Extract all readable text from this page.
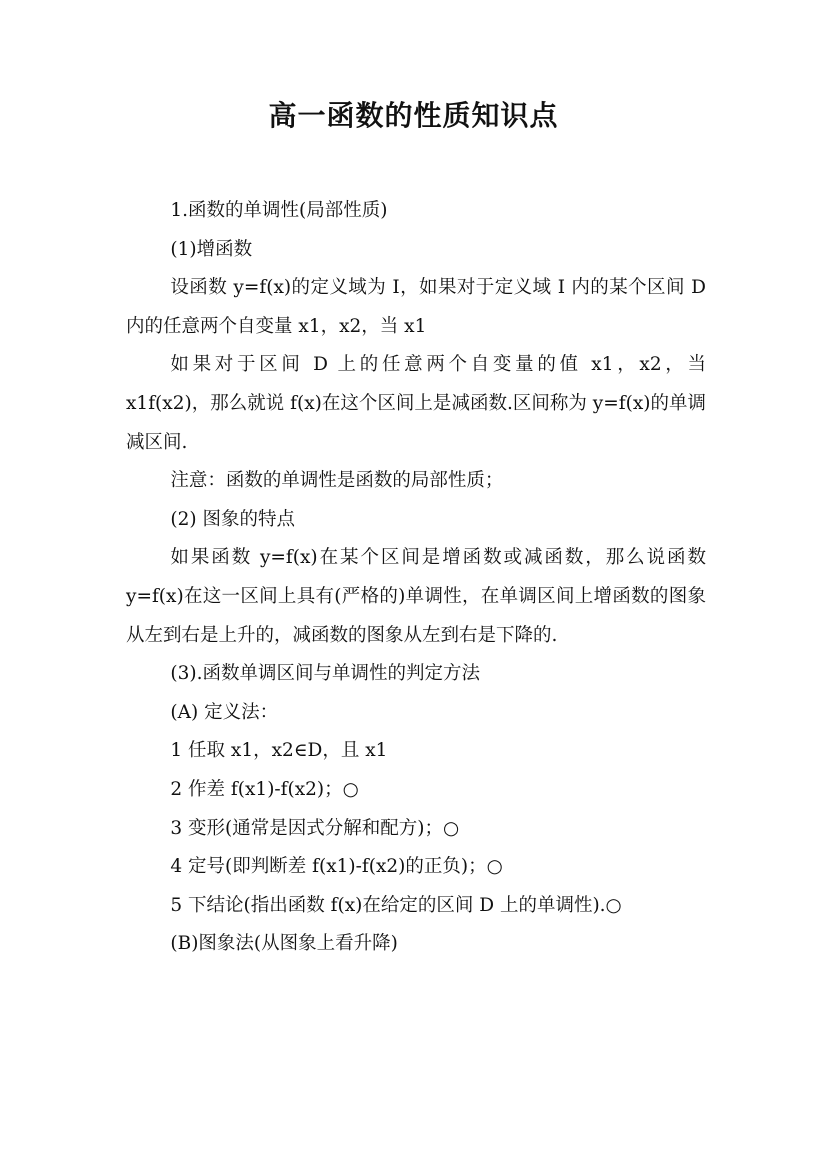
高一函数的性质知识点

1.函数的单调性(局部性质)

(1)增函数

设函数 y=f(x)的定义域为 I，如果对于定义域 I 内的某个区间 D 内的任意两个自变量 x1，x2，当 x1

如果对于区间 D 上的任意两个自变量的值 x1，x2，当 x1f(x2)，那么就说 f(x)在这个区间上是减函数.区间称为 y=f(x)的单调减区间.

注意：函数的单调性是函数的局部性质；

(2) 图象的特点

如果函数 y=f(x)在某个区间是增函数或减函数，那么说函数 y=f(x)在这一区间上具有(严格的)单调性，在单调区间上增函数的图象从左到右是上升的，减函数的图象从左到右是下降的.

(3).函数单调区间与单调性的判定方法

(A) 定义法：

1 任取 x1，x2∈D，且 x1

2 作差 f(x1)-f(x2)；○

3 变形(通常是因式分解和配方)；○

4 定号(即判断差 f(x1)-f(x2)的正负)；○

5 下结论(指出函数 f(x)在给定的区间 D 上的单调性).○

(B)图象法(从图象上看升降)
